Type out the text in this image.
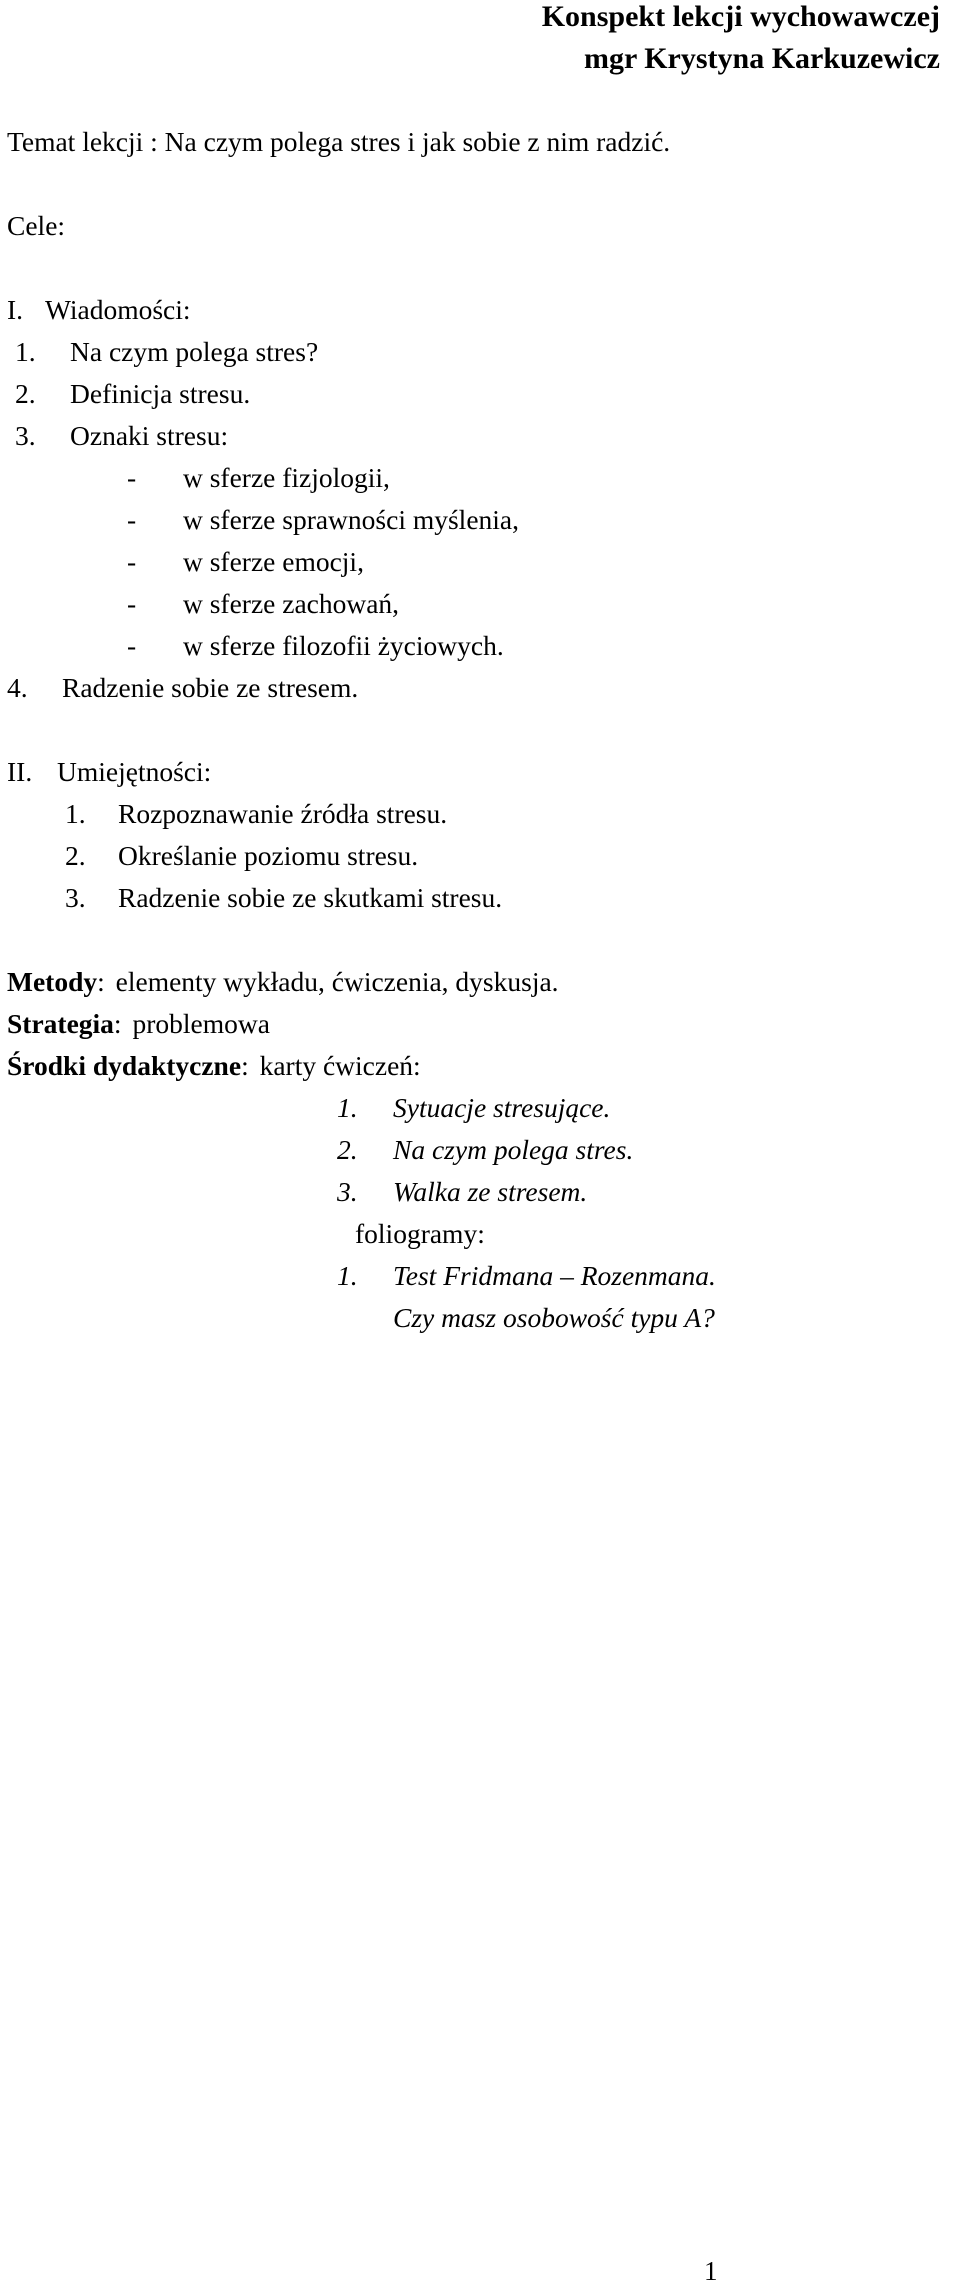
Konspekt lekcji wychowawczej
mgr Krystyna Karkuzewicz
Temat lekcji : Na czym polega stres i jak sobie z nim radzić.
Cele:
I. Wiadomości:
1. Na czym polega stres?
2. Definicja stresu.
3. Oznaki stresu:
- w sferze fizjologii,
- w sferze sprawności myślenia,
- w sferze emocji,
- w sferze zachowań,
- w sferze filozofii życiowych.
4. Radzenie sobie ze stresem.
II. Umiejętności:
1. Rozpoznawanie źródła stresu.
2. Określanie poziomu stresu.
3. Radzenie sobie ze skutkami stresu.
Metody: elementy wykładu, ćwiczenia, dyskusja.
Strategia: problemowa
Środki dydaktyczne: karty ćwiczeń:
1. Sytuacje stresujące.
2. Na czym polega stres.
3. Walka ze stresem.
foliogramy:
1. Test Fridmana – Rozenmana.
Czy masz osobowość typu A?
1
